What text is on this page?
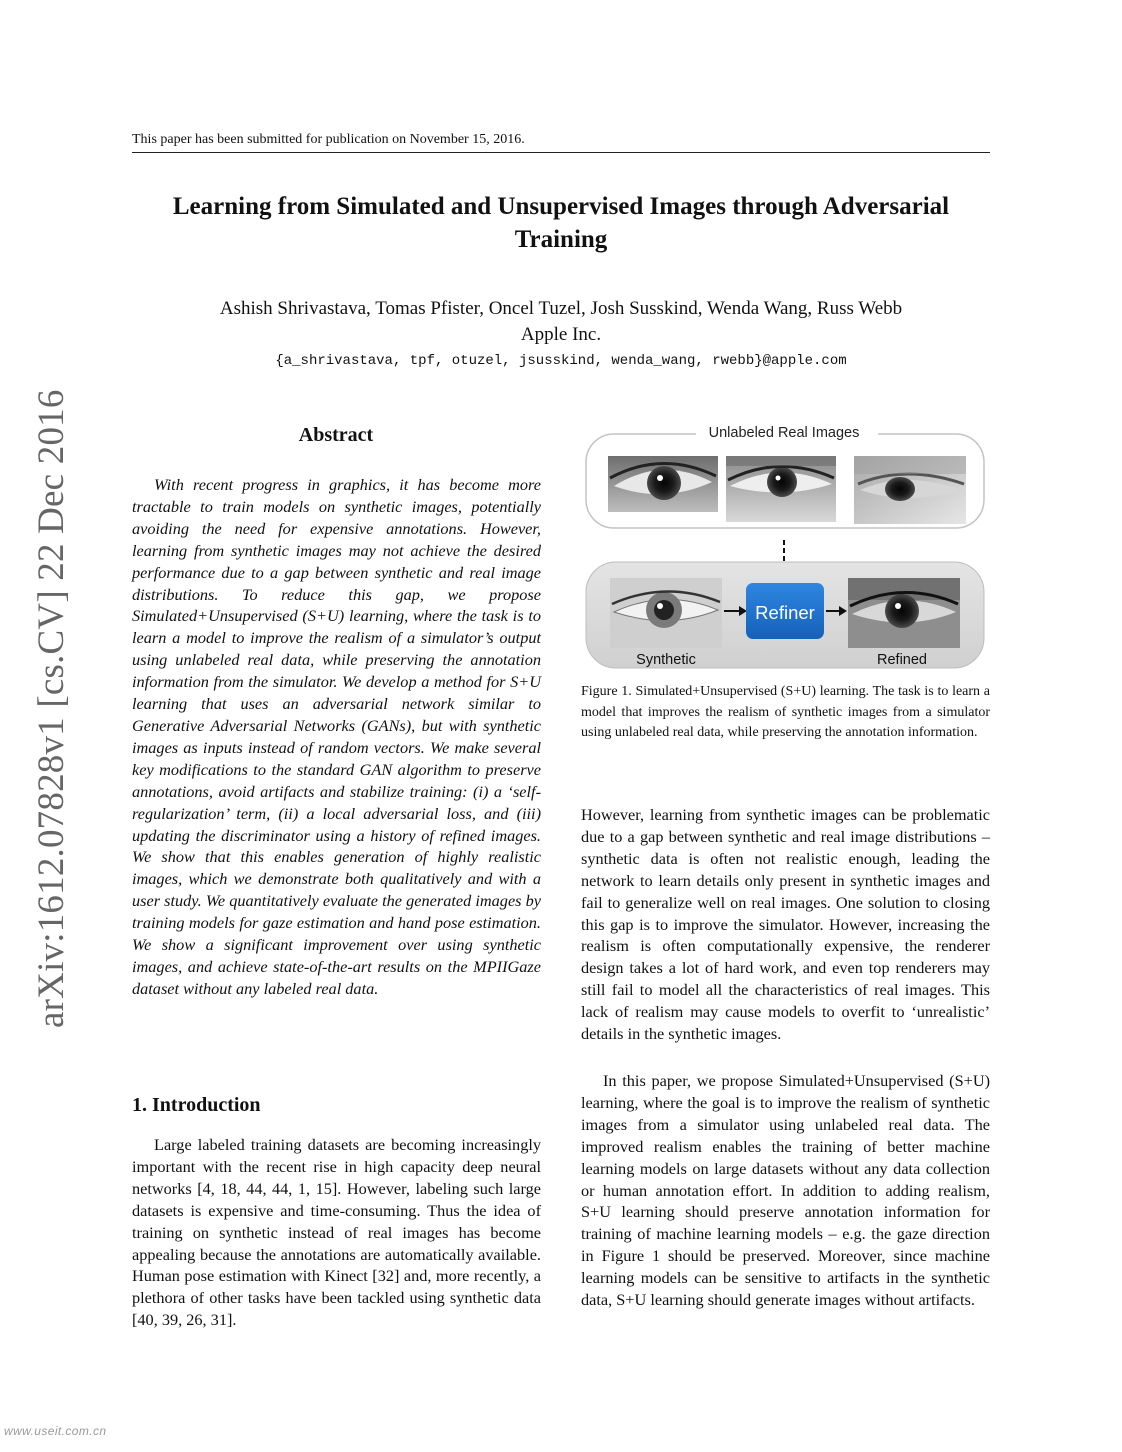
This paper has been submitted for publication on November 15, 2016.
Learning from Simulated and Unsupervised Images through Adversarial Training
Ashish Shrivastava, Tomas Pfister, Oncel Tuzel, Josh Susskind, Wenda Wang, Russ Webb
Apple Inc.
{a_shrivastava, tpf, otuzel, jsusskind, wenda_wang, rwebb}@apple.com
arXiv:1612.07828v1 [cs.CV] 22 Dec 2016	Abstract
With recent progress in graphics, it has become more tractable to train models on synthetic images, potentially avoiding the need for expensive annotations. However, learning from synthetic images may not achieve the desired performance due to a gap between synthetic and real image distributions. To reduce this gap, we propose Simulated+Unsupervised (S+U) learning, where the task is to learn a model to improve the realism of a simulator’s output using unlabeled real data, while preserving the annotation information from the simulator. We develop a method for S+U learning that uses an adversarial network similar to Generative Adversarial Networks (GANs), but with synthetic images as inputs instead of random vectors. We make several key modifications to the standard GAN algorithm to preserve annotations, avoid artifacts and stabilize training: (i) a ‘self-regularization’ term, (ii) a local adversarial loss, and (iii) updating the discriminator using a history of refined images. We show that this enables generation of highly realistic images, which we demonstrate both qualitatively and with a user study. We quantitatively evaluate the generated images by training models for gaze estimation and hand pose estimation. We show a significant improvement over using synthetic images, and achieve state-of-the-art results on the MPIIGaze dataset without any labeled real data.
1. Introduction
Large labeled training datasets are becoming increasingly important with the recent rise in high capacity deep neural networks [4, 18, 44, 44, 1, 15]. However, labeling such large datasets is expensive and time-consuming. Thus the idea of training on synthetic instead of real images has become appealing because the annotations are automatically available. Human pose estimation with Kinect [32] and, more recently, a plethora of other tasks have been tackled using synthetic data [40, 39, 26, 31].
Unlabeled Real Images
Refiner
Synthetic	Refined
Figure 1. Simulated+Unsupervised (S+U) learning. The task is to learn a model that improves the realism of synthetic images from a simulator using unlabeled real data, while preserving the annotation information.
However, learning from synthetic images can be problematic due to a gap between synthetic and real image distributions – synthetic data is often not realistic enough, leading the network to learn details only present in synthetic images and fail to generalize well on real images. One solution to closing this gap is to improve the simulator. However, increasing the realism is often computationally expensive, the renderer design takes a lot of hard work, and even top renderers may still fail to model all the characteristics of real images. This lack of realism may cause models to overfit to ‘unrealistic’ details in the synthetic images.
In this paper, we propose Simulated+Unsupervised (S+U) learning, where the goal is to improve the realism of synthetic images from a simulator using unlabeled real data. The improved realism enables the training of better machine learning models on large datasets without any data collection or human annotation effort. In addition to adding realism, S+U learning should preserve annotation information for training of machine learning models – e.g. the gaze direction in Figure 1 should be preserved. Moreover, since machine learning models can be sensitive to artifacts in the synthetic data, S+U learning should generate images without artifacts.
www.useit.com.cn
